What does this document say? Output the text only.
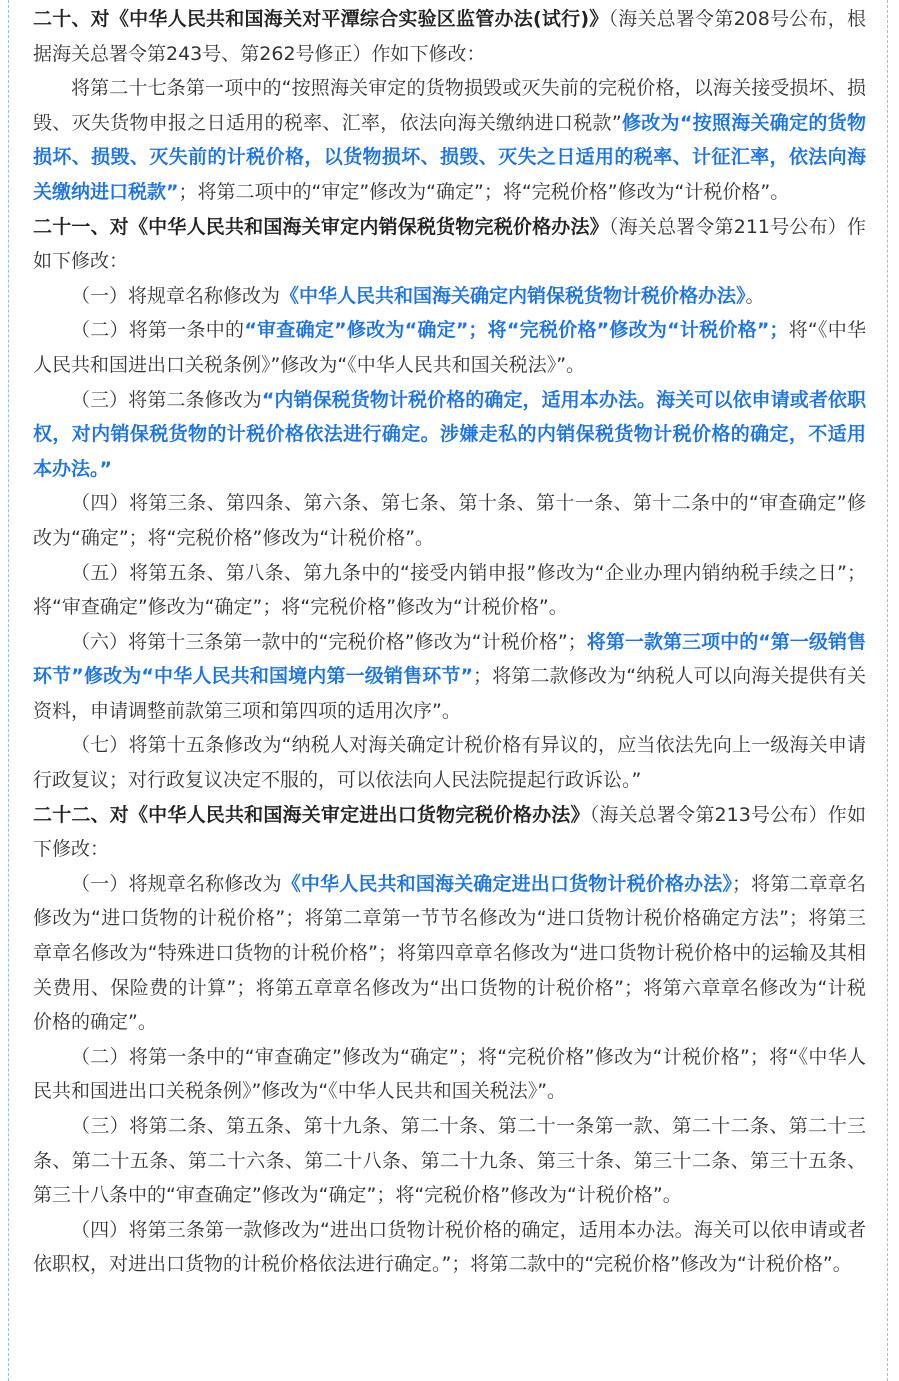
二十、对《中华人民共和国海关对平潭综合实验区监管办法(试行)》（海关总署令第208号公布，根据海关总署令第243号、第262号修正）作如下修改：

将第二十七条第一项中的“按照海关审定的货物损毁或灭失前的完税价格，以海关接受损坏、损毁、灭失货物申报之日适用的税率、汇率，依法向海关缴纳进口税款”修改为“按照海关确定的货物损坏、损毁、灭失前的计税价格，以货物损坏、损毁、灭失之日适用的税率、计征汇率，依法向海关缴纳进口税款”；将第二项中的“审定”修改为“确定”；将“完税价格”修改为“计税价格”。

二十一、对《中华人民共和国海关审定内销保税货物完税价格办法》（海关总署令第211号公布）作如下修改：

（一）将规章名称修改为《中华人民共和国海关确定内销保税货物计税价格办法》。

（二）将第一条中的“审查确定”修改为“确定”；将“完税价格”修改为“计税价格”；将“《中华人民共和国进出口关税条例》”修改为“《中华人民共和国关税法》”。

（三）将第二条修改为“内销保税货物计税价格的确定，适用本办法。海关可以依申请或者依职权，对内销保税货物的计税价格依法进行确定。涉嫌走私的内销保税货物计税价格的确定，不适用本办法。”

（四）将第三条、第四条、第六条、第七条、第十条、第十一条、第十二条中的“审查确定”修改为“确定”；将“完税价格”修改为“计税价格”。

（五）将第五条、第八条、第九条中的“接受内销申报”修改为“企业办理内销纳税手续之日”；将“审查确定”修改为“确定”；将“完税价格”修改为“计税价格”。

（六）将第十三条第一款中的“完税价格”修改为“计税价格”；将第一款第三项中的“第一级销售环节”修改为“中华人民共和国境内第一级销售环节”；将第二款修改为“纳税人可以向海关提供有关资料，申请调整前款第三项和第四项的适用次序”。

（七）将第十五条修改为“纳税人对海关确定计税价格有异议的，应当依法先向上一级海关申请行政复议；对行政复议决定不服的，可以依法向人民法院提起行政诉讼。”

二十二、对《中华人民共和国海关审定进出口货物完税价格办法》（海关总署令第213号公布）作如下修改：

（一）将规章名称修改为《中华人民共和国海关确定进出口货物计税价格办法》；将第二章章名修改为“进口货物的计税价格”；将第二章第一节节名修改为“进口货物计税价格确定方法”；将第三章章名修改为“特殊进口货物的计税价格”；将第四章章名修改为“进口货物计税价格中的运输及其相关费用、保险费的计算”；将第五章章名修改为“出口货物的计税价格”；将第六章章名修改为“计税价格的确定”。

（二）将第一条中的“审查确定”修改为“确定”；将“完税价格”修改为“计税价格”；将“《中华人民共和国进出口关税条例》”修改为“《中华人民共和国关税法》”。

（三）将第二条、第五条、第十九条、第二十条、第二十一条第一款、第二十二条、第二十三条、第二十五条、第二十六条、第二十八条、第二十九条、第三十条、第三十二条、第三十五条、第三十八条中的“审查确定”修改为“确定”；将“完税价格”修改为“计税价格”。

（四）将第三条第一款修改为“进出口货物计税价格的确定，适用本办法。海关可以依申请或者依职权，对进出口货物的计税价格依法进行确定。”；将第二款中的“完税价格”修改为“计税价格”。
